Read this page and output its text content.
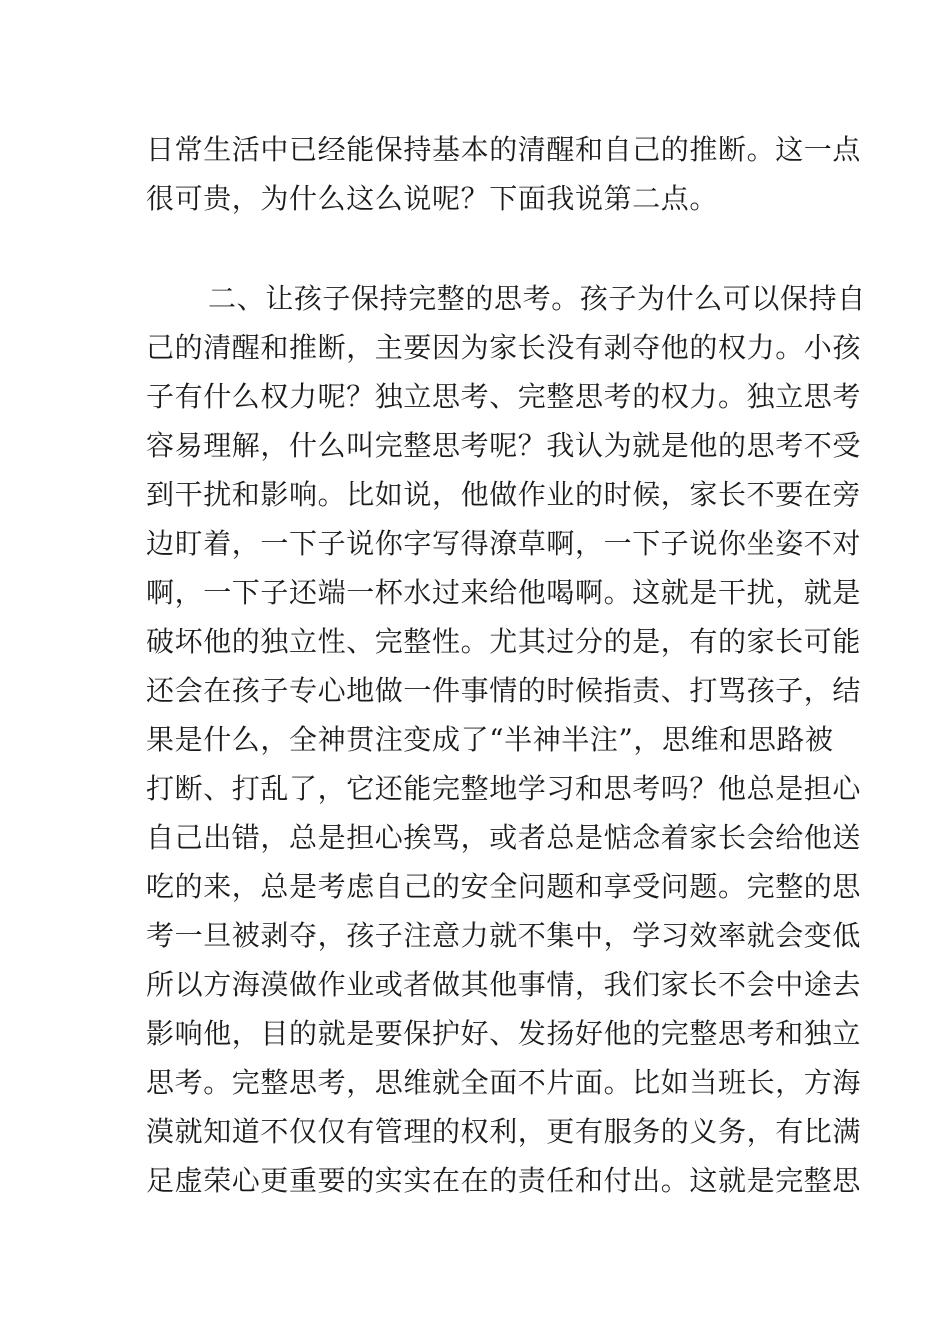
日常生活中已经能保持基本的清醒和自己的推断。这一点
很可贵，为什么这么说呢？下面我说第二点。
二、让孩子保持完整的思考。孩子为什么可以保持自
己的清醒和推断，主要因为家长没有剥夺他的权力。小孩
子有什么权力呢？独立思考、完整思考的权力。独立思考
容易理解，什么叫完整思考呢？我认为就是他的思考不受
到干扰和影响。比如说，他做作业的时候，家长不要在旁
边盯着，一下子说你字写得潦草啊，一下子说你坐姿不对
啊，一下子还端一杯水过来给他喝啊。这就是干扰，就是
破坏他的独立性、完整性。尤其过分的是，有的家长可能
还会在孩子专心地做一件事情的时候指责、打骂孩子，结
果是什么，全神贯注变成了“半神半注”，思维和思路被
打断、打乱了，它还能完整地学习和思考吗？他总是担心
自己出错，总是担心挨骂，或者总是惦念着家长会给他送
吃的来，总是考虑自己的安全问题和享受问题。完整的思
考一旦被剥夺，孩子注意力就不集中，学习效率就会变低
所以方海漠做作业或者做其他事情，我们家长不会中途去
影响他，目的就是要保护好、发扬好他的完整思考和独立
思考。完整思考，思维就全面不片面。比如当班长，方海
漠就知道不仅仅有管理的权利，更有服务的义务，有比满
足虚荣心更重要的实实在在的责任和付出。这就是完整思
